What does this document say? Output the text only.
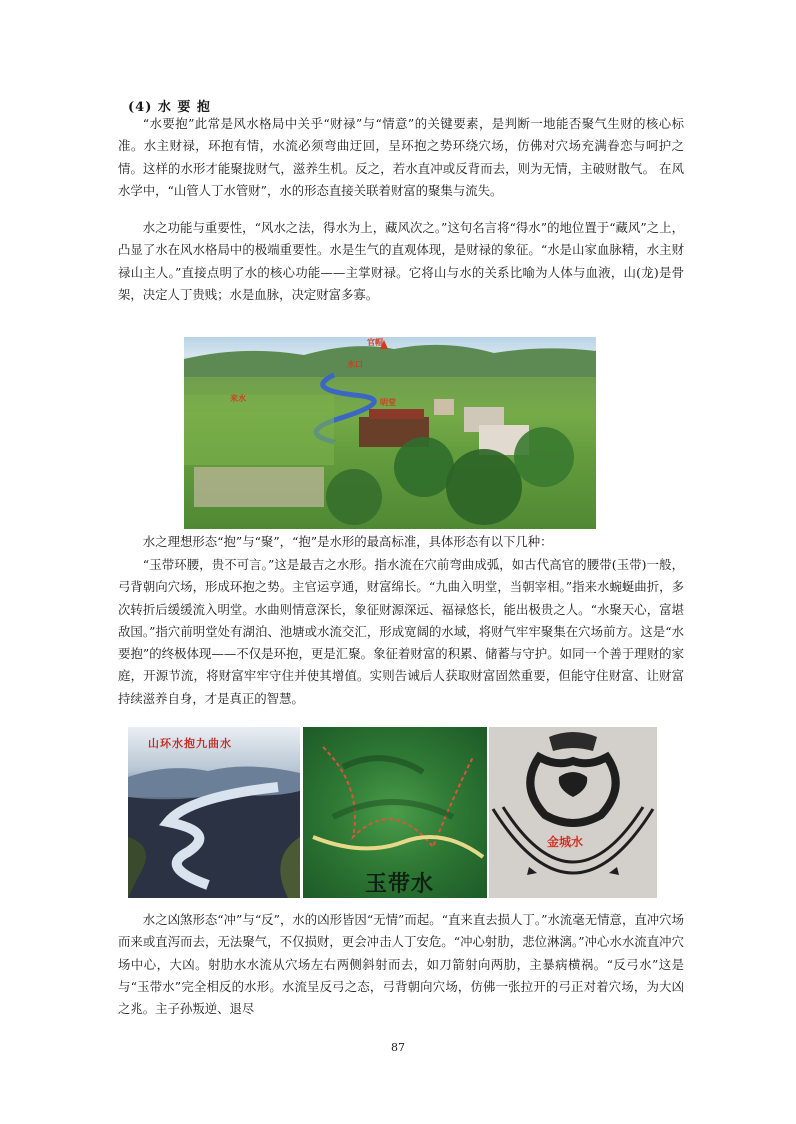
(4) 水 要 抱

“水要抱”此常是风水格局中关乎“财禄”与“情意”的关键要素，是判断一地能否聚气生财的核心标准。水主财禄，环抱有情，水流必须弯曲迂回，呈环抱之势环绕穴场，仿佛对穴场充满眷恋与呵护之情。这样的水形才能聚拢财气，滋养生机。反之，若水直冲或反背而去，则为无情，主破财散气。 在风水学中，“山管人丁水管财”，水的形态直接关联着财富的聚集与流失。

水之功能与重要性，“风水之法，得水为上，藏风次之。”这句名言将“得水”的地位置于“藏风”之上，凸显了水在风水格局中的极端重要性。水是生气的直观体现，是财禄的象征。“水是山家血脉精，水主财禄山主人。”直接点明了水的核心功能——主掌财禄。它将山与水的关系比喻为人体与血液，山(龙)是骨架，决定人丁贵贱；水是血脉，决定财富多寡。

官帽
水口
来水	明堂

水之理想形态“抱”与“聚”，“抱”是水形的最高标准，具体形态有以下几种：

“玉带环腰，贵不可言。”这是最吉之水形。指水流在穴前弯曲成弧，如古代高官的腰带(玉带)一般，弓背朝向穴场，形成环抱之势。主官运亨通，财富绵长。“九曲入明堂，当朝宰相。”指来水蜿蜒曲折，多次转折后缓缓流入明堂。水曲则情意深长，象征财源深远、福禄悠长，能出极贵之人。“水聚天心，富堪敌国。”指穴前明堂处有湖泊、池塘或水流交汇，形成宽阔的水域，将财气牢牢聚集在穴场前方。这是“水要抱”的终极体现——不仅是环抱，更是汇聚。象征着财富的积累、储蓄与守护。如同一个善于理财的家庭，开源节流，将财富牢牢守住并使其增值。实则告诫后人获取财富固然重要，但能守住财富、让财富持续滋养自身，才是真正的智慧。

山环水抱九曲水
玉带水
金城水

水之凶煞形态“冲”与“反”，水的凶形皆因“无情”而起。“直来直去损人丁。”水流毫无情意，直冲穴场而来或直泻而去，无法聚气，不仅损财，更会冲击人丁安危。“冲心射肋，悲位淋漓。”冲心水水流直冲穴场中心，大凶。射肋水水流从穴场左右两侧斜射而去，如刀箭射向两肋，主暴病横祸。“反弓水”这是与“玉带水”完全相反的水形。水流呈反弓之态，弓背朝向穴场，仿佛一张拉开的弓正对着穴场，为大凶之兆。主子孙叛逆、退尽

87
